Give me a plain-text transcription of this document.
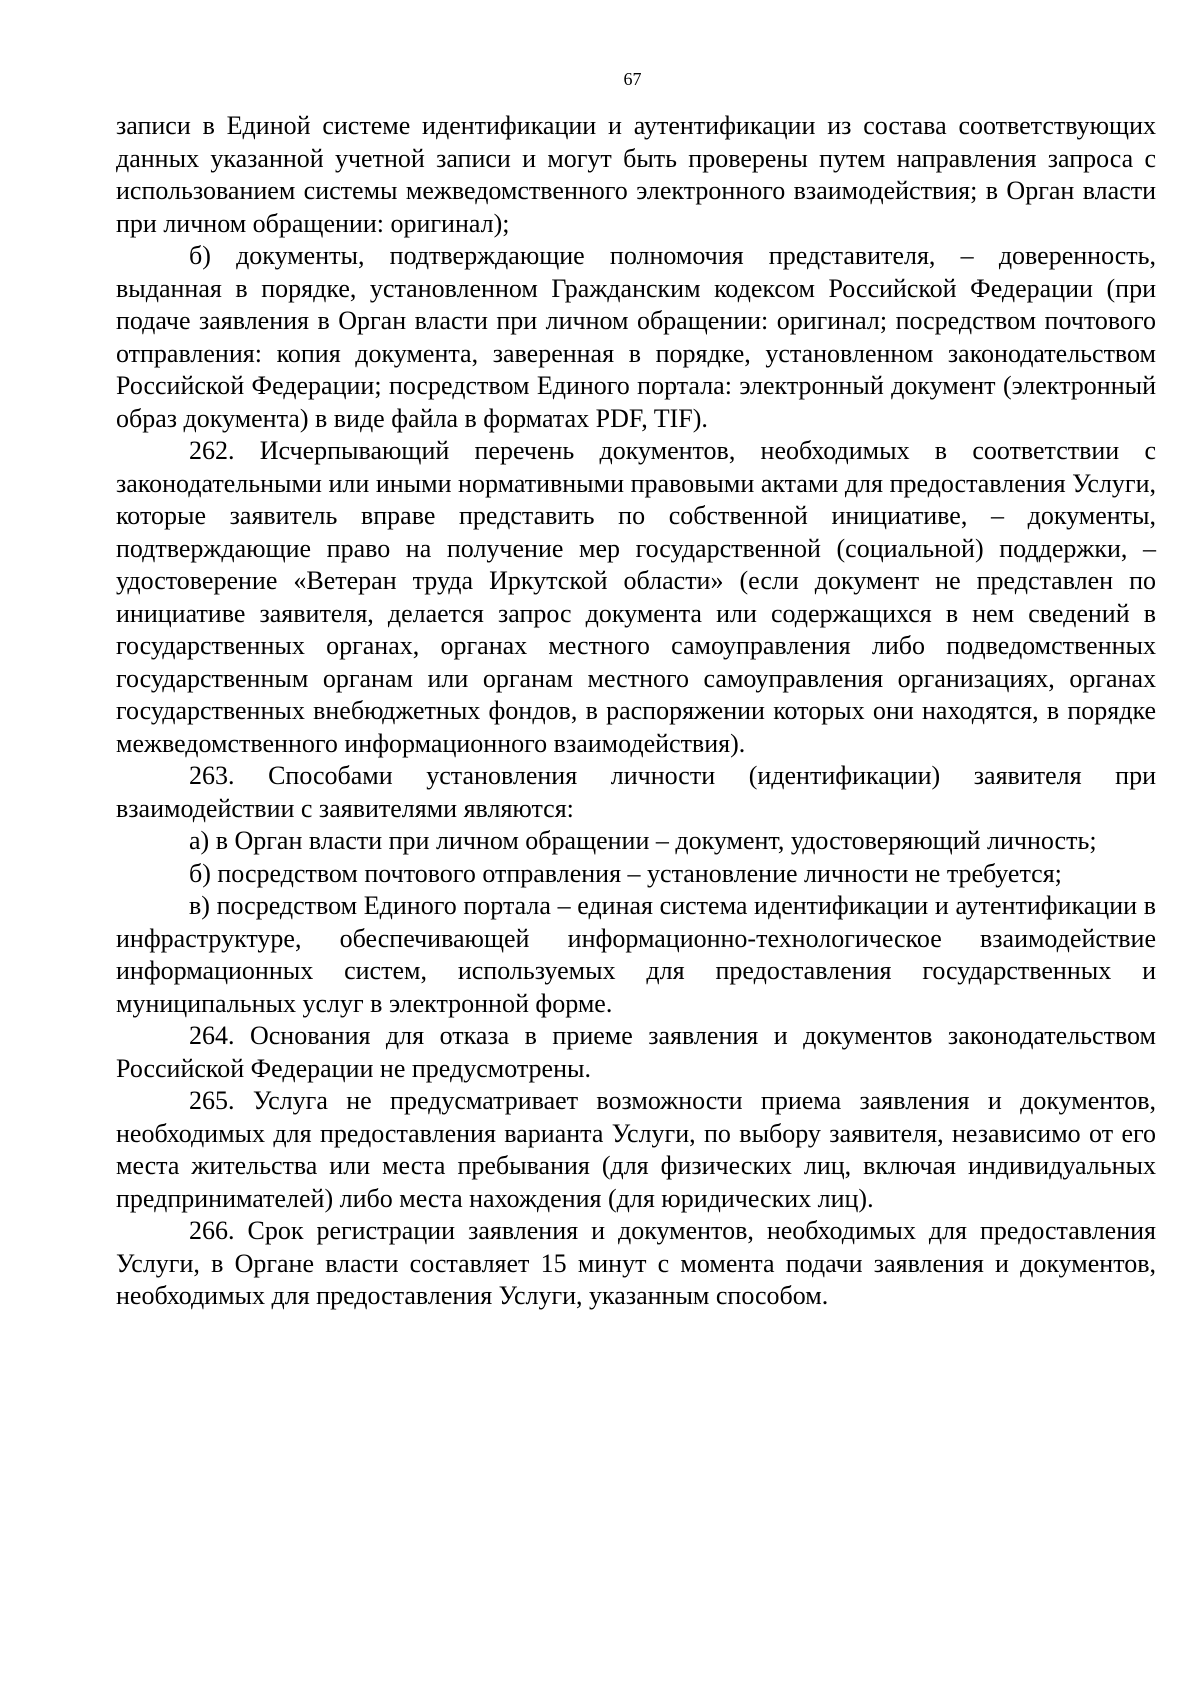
67

записи в Единой системе идентификации и аутентификации из состава соответствующих данных указанной учетной записи и могут быть проверены путем направления запроса с использованием системы межведомственного электронного взаимодействия; в Орган власти при личном обращении: оригинал);

б) документы, подтверждающие полномочия представителя, – доверенность, выданная в порядке, установленном Гражданским кодексом Российской Федерации (при подаче заявления в Орган власти при личном обращении: оригинал; посредством почтового отправления: копия документа, заверенная в порядке, установленном законодательством Российской Федерации; посредством Единого портала: электронный документ (электронный образ документа) в виде файла в форматах PDF, TIF).

262. Исчерпывающий перечень документов, необходимых в соответствии с законодательными или иными нормативными правовыми актами для предоставления Услуги, которые заявитель вправе представить по собственной инициативе, – документы, подтверждающие право на получение мер государственной (социальной) поддержки, – удостоверение «Ветеран труда Иркутской области» (если документ не представлен по инициативе заявителя, делается запрос документа или содержащихся в нем сведений в государственных органах, органах местного самоуправления либо подведомственных государственным органам или органам местного самоуправления организациях, органах государственных внебюджетных фондов, в распоряжении которых они находятся, в порядке межведомственного информационного взаимодействия).

263. Способами установления личности (идентификации) заявителя при взаимодействии с заявителями являются:

а) в Орган власти при личном обращении – документ, удостоверяющий личность;

б) посредством почтового отправления – установление личности не требуется;

в) посредством Единого портала – единая система идентификации и аутентификации в инфраструктуре, обеспечивающей информационно-технологическое взаимодействие информационных систем, используемых для предоставления государственных и муниципальных услуг в электронной форме.

264. Основания для отказа в приеме заявления и документов законодательством Российской Федерации не предусмотрены.

265. Услуга не предусматривает возможности приема заявления и документов, необходимых для предоставления варианта Услуги, по выбору заявителя, независимо от его места жительства или места пребывания (для физических лиц, включая индивидуальных предпринимателей) либо места нахождения (для юридических лиц).

266. Срок регистрации заявления и документов, необходимых для предоставления Услуги, в Органе власти составляет 15 минут с момента подачи заявления и документов, необходимых для предоставления Услуги, указанным способом.
